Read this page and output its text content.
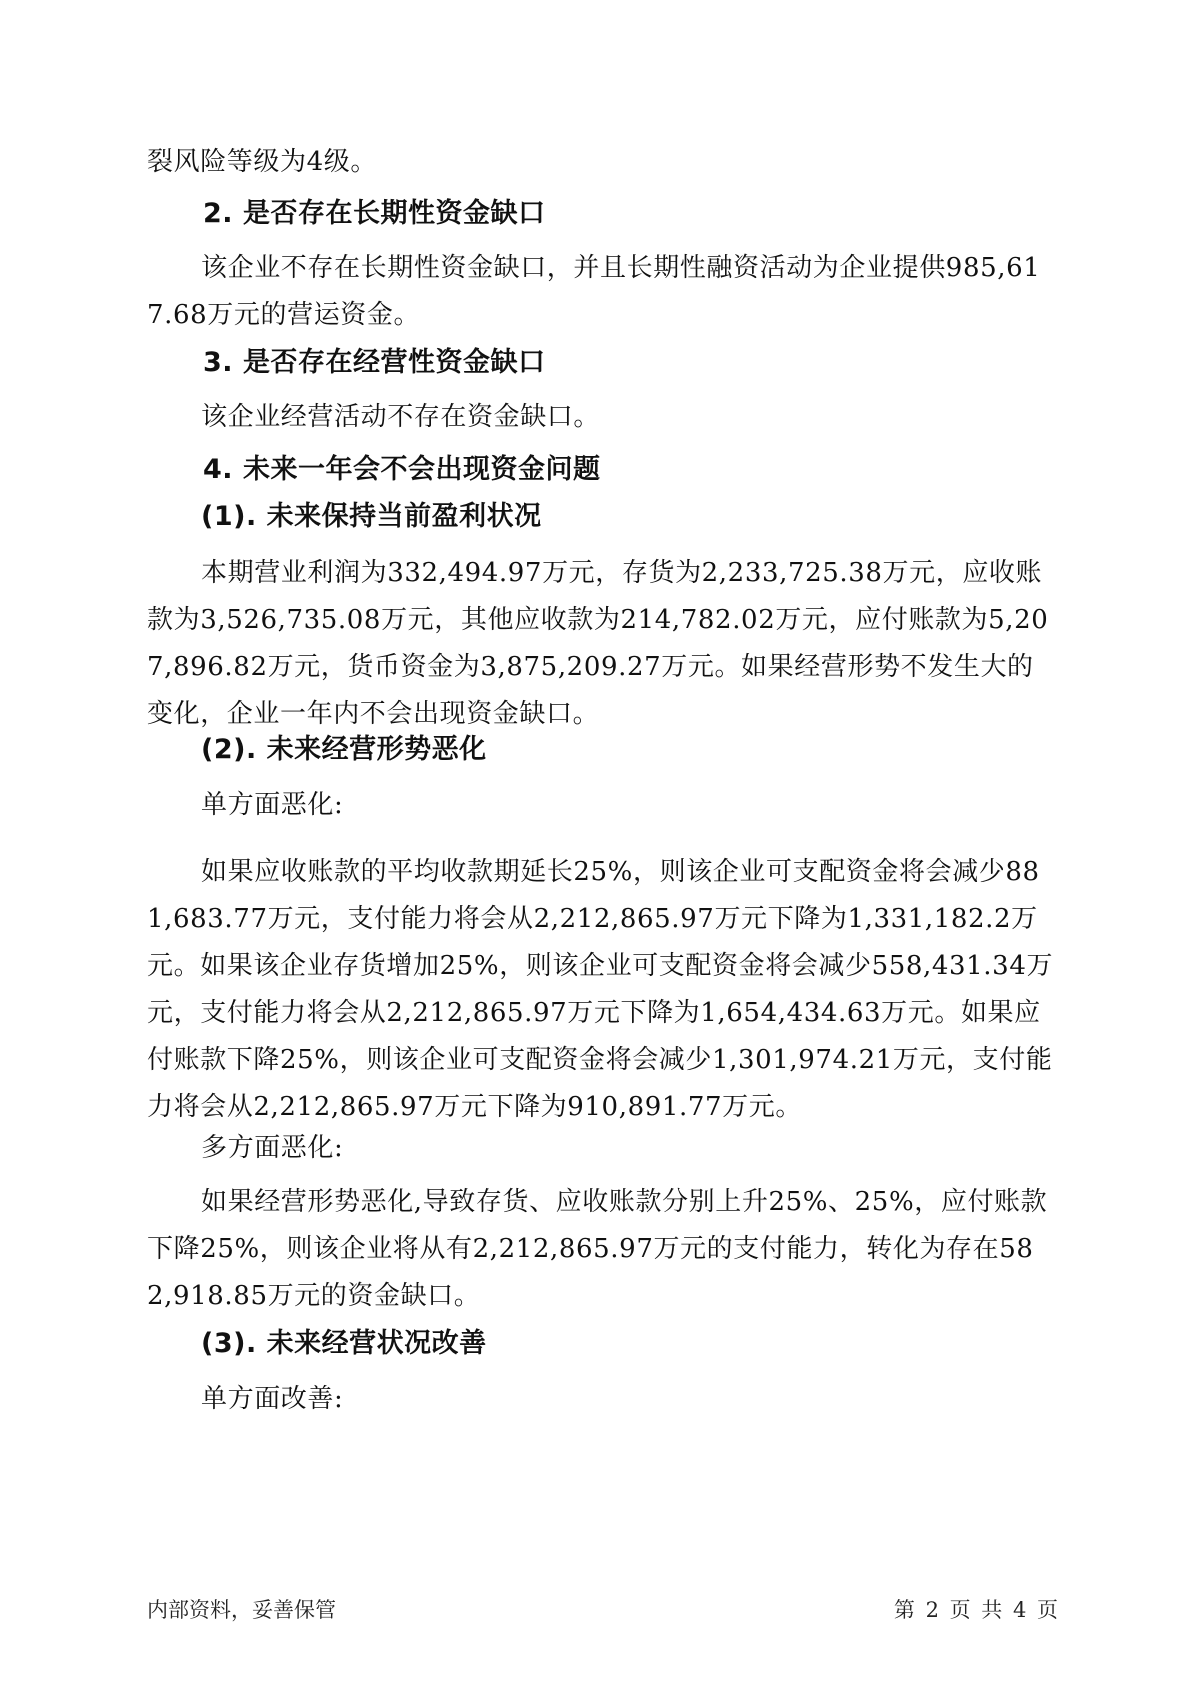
裂风险等级为4级。

2. 是否存在长期性资金缺口

该企业不存在长期性资金缺口，并且长期性融资活动为企业提供985,617.68万元的营运资金。

3. 是否存在经营性资金缺口

该企业经营活动不存在资金缺口。

4. 未来一年会不会出现资金问题
(1). 未来保持当前盈利状况

本期营业利润为332,494.97万元，存货为2,233,725.38万元，应收账款为3,526,735.08万元，其他应收款为214,782.02万元，应付账款为5,207,896.82万元，货币资金为3,875,209.27万元。如果经营形势不发生大的变化，企业一年内不会出现资金缺口。

(2). 未来经营形势恶化

单方面恶化:

如果应收账款的平均收款期延长25%，则该企业可支配资金将会减少881,683.77万元，支付能力将会从2,212,865.97万元下降为1,331,182.2万元。如果该企业存货增加25%，则该企业可支配资金将会减少558,431.34万元，支付能力将会从2,212,865.97万元下降为1,654,434.63万元。如果应付账款下降25%，则该企业可支配资金将会减少1,301,974.21万元，支付能力将会从2,212,865.97万元下降为910,891.77万元。

多方面恶化:

如果经营形势恶化,导致存货、应收账款分别上升25%、25%，应付账款下降25%，则该企业将从有2,212,865.97万元的支付能力，转化为存在582,918.85万元的资金缺口。

(3). 未来经营状况改善

单方面改善:

内部资料，妥善保管	第 2 页 共 4 页
